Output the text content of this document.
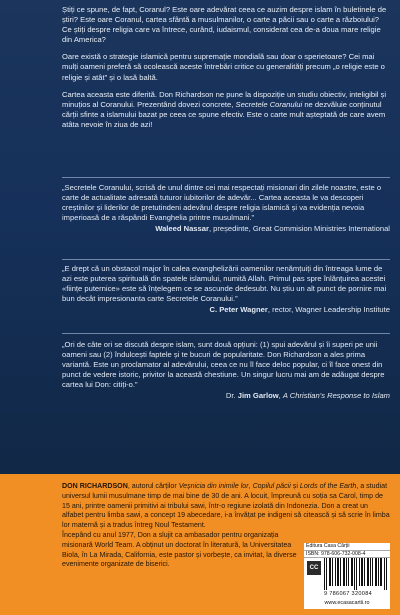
Știți ce spune, de fapt, Coranul? Este oare adevărat ceea ce auzim despre islam în buletinele de știri? Este oare Coranul, cartea sfântă a musulmanilor, o carte a păcii sau o carte a războiului? Ce știți despre religia care va întrece, curând, iudaismul, considerat cea de-a doua mare religie din America?

Oare există o strategie islamică pentru supremație mondială sau doar o sperietoare? Cei mai mulți oameni preferă să ocolească aceste întrebări critice cu generalități precum „o religie este o religie și atât” și o lasă baltă.

Cartea aceasta este diferită. Don Richardson ne pune la dispoziție un studiu obiectiv, inteligibil și minuțios al Coranului. Prezentând dovezi concrete, Secretele Coranului ne dezvăluie conținutul cărții sfinte a islamului bazat pe ceea ce spune efectiv. Este o carte mult așteptată de care avem atâta nevoie în ziua de azi!

„Secretele Coranului, scrisă de unul dintre cei mai respectați misionari din zilele noastre, este o carte de actualitate adresată tuturor iubitorilor de adevăr... Cartea aceasta le va descoperi creștinilor și liderilor de pretutindeni adevărul despre religia islamică și va evidenția nevoia imperioasă de a răspândi Evanghelia printre musulmani.”

Waleed Nassar, președinte, Great Commision Ministries International

„E drept că un obstacol major în calea evanghelizării oamenilor nenămțuiți din întreaga lume de azi este puterea spirituală din spatele islamului, numită Allah. Primul pas spre înlănțuirea acestei «ființe puternice» este să înțelegem ce se ascunde dedesubt. Nu știu un alt punct de pornire mai bun decât impresionanta carte Secretele Coranului.”

C. Peter Wagner, rector, Wagner Leadership Institute

„Ori de câte ori se discută despre islam, sunt două opțiuni: (1) spui adevărul și îi superi pe unii oameni sau (2) îndulcești faptele și te bucuri de popularitate. Don Richardson a ales prima variantă. Este un proclamator al adevărului, ceea ce nu îl face deloc popular, ci îl face onest din punct de vedere istoric, privitor la această chestiune. Un singur lucru mai am de adăugat despre cartea lui Don: citiți-o.”

Dr. Jim Garlow, A Christian's Response to Islam

DON RICHARDSON, autorul cărților Veșnicia din inimile lor, Copilul păcii și Lords of the Earth, a studiat universul lumii musulmane timp de mai bine de 30 de ani. A locuit, împreună cu soția sa Carol, timp de 15 ani, printre oamenii primitivi ai tribului sawi, într-o regiune izolată din Indonezia. Don a creat un alfabet pentru limba sawi, a concept 19 abecedare, i-a învățat pe indigeni să citească și să scrie în limba lor maternă și a tradus întreg Noul Testament.

Începând cu anul 1977, Don a slujit ca ambasador pentru organizația misionară World Team. A obținut un doctorat în literatură, la Universitatea Biola, în La Mirada, California, este pastor și vorbește, ca invitat, la diverse evenimente organizate de biserici.

Editura Casa Cărții
ISBN: 978-606-732-008-4
CC
9 786067 320084
www.ecasacartii.ro
